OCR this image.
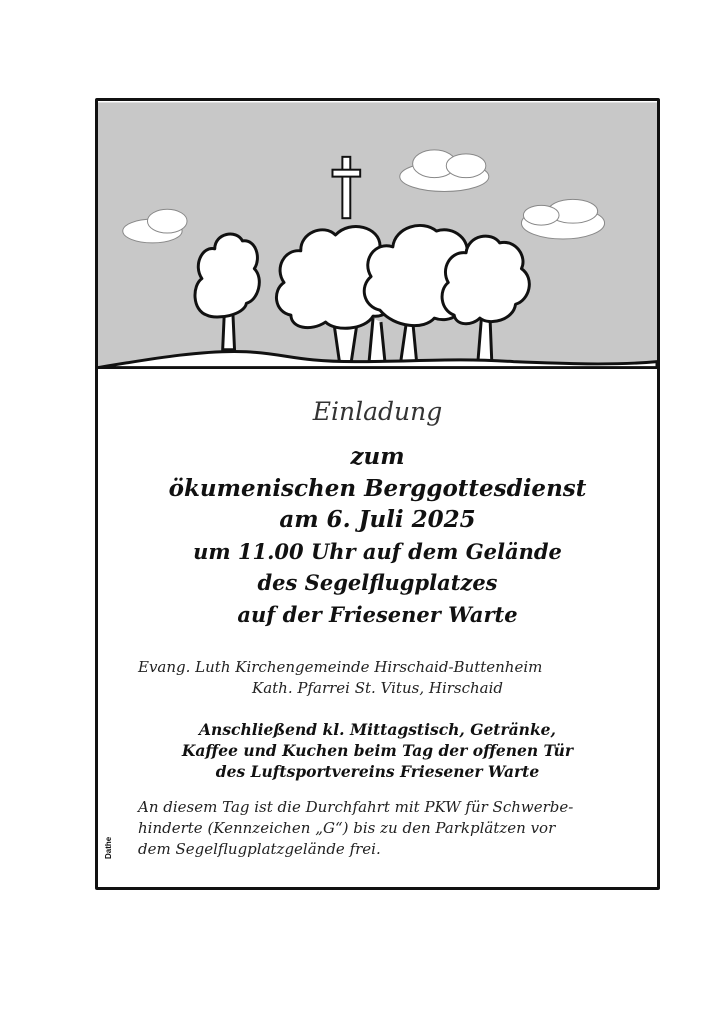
Einladung
zum
ökumenischen Berggottesdienst
am 6. Juli 2025
um 11.00 Uhr auf dem Gelände
des Segelflugplatzes
auf der Friesener Warte
Evang. Luth Kirchengemeinde Hirschaid-Buttenheim
Kath. Pfarrei St. Vitus, Hirschaid
Anschließend kl. Mittagstisch, Getränke,
Kaffee und Kuchen beim Tag der offenen Tür
des Luftsportvereins Friesener Warte
An diesem Tag ist die Durchfahrt mit PKW für Schwerbe-
hinderte (Kennzeichen „G“) bis zu den Parkplätzen vor
dem Segelflugplatzgelände frei.
Dathe
